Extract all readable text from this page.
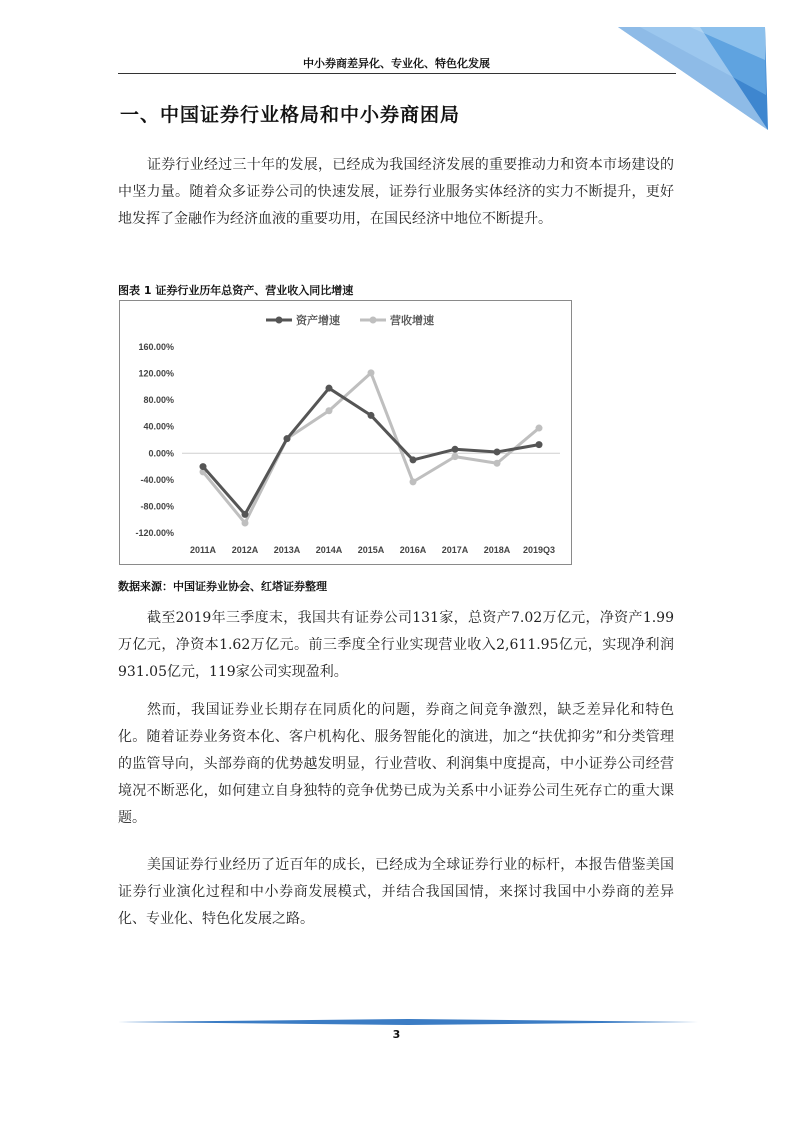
中小券商差异化、专业化、特色化发展
一、中国证券行业格局和中小券商困局

证券行业经过三十年的发展，已经成为我国经济发展的重要推动力和资本市场建设的中坚力量。随着众多证券公司的快速发展，证券行业服务实体经济的实力不断提升，更好地发挥了金融作为经济血液的重要功用，在国民经济中地位不断提升。

图表 1 证券行业历年总资产、营业收入同比增速
160.00%
120.00%
80.00%
40.00%
0.00%
-40.00%
-80.00%
-120.00%
2011A 2012A 2013A 2014A 2015A 2016A 2017A 2018A 2019Q3
资产增速	营收增速
数据来源：中国证券业协会、红塔证券整理

截至2019年三季度末，我国共有证券公司131家，总资产7.02万亿元，净资产1.99万亿元，净资本1.62万亿元。前三季度全行业实现营业收入2,611.95亿元，实现净利润931.05亿元，119家公司实现盈利。

然而，我国证券业长期存在同质化的问题，券商之间竞争激烈，缺乏差异化和特色化。随着证券业务资本化、客户机构化、服务智能化的演进，加之“扶优抑劣”和分类管理的监管导向，头部券商的优势越发明显，行业营收、利润集中度提高，中小证券公司经营境况不断恶化，如何建立自身独特的竞争优势已成为关系中小证券公司生死存亡的重大课题。

美国证券行业经历了近百年的成长，已经成为全球证券行业的标杆，本报告借鉴美国证券行业演化过程和中小券商发展模式，并结合我国国情，来探讨我国中小券商的差异化、专业化、特色化发展之路。

3
